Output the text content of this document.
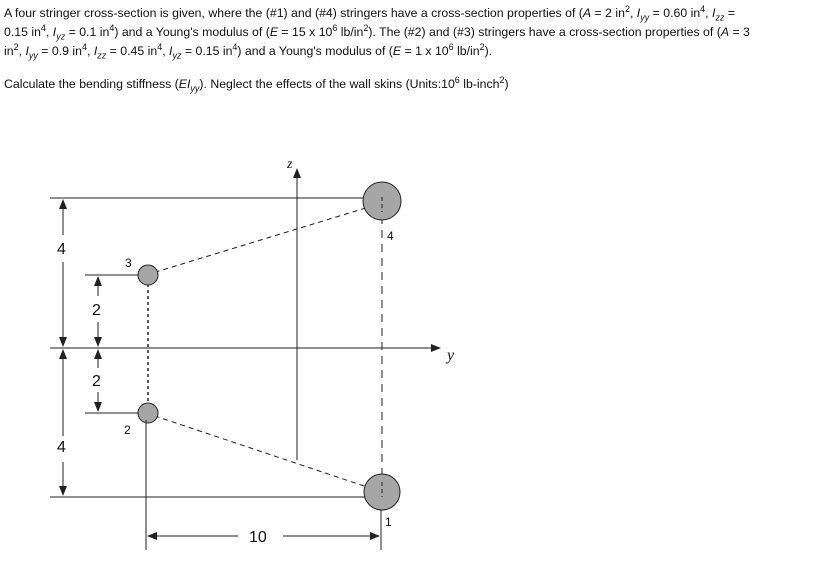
A four stringer cross-section is given, where the (#1) and (#4) stringers have a cross-section properties of (A = 2 $in^2$, $I_{yy} = 0.60$ $in^4$, $I_{zz}$ =

0.15 $in^4$, $I_{yz} = 0.1$ $in^4$) and a Young's modulus of (E = 15 x $10^6$ $lb/in^2$). The (#2) and (#3) stringers have a cross-section properties of (A = 3

$in^2$, $I_{yy} = 0.9$ $in^4$, $I_{zz} = 0.45$ $in^4$, $I_{yz} = 0.15$ $in^4$) and a Young's modulus of (E = 1 x $10^6$ $lb/in^2$).

Calculate the bending stiffness $(EI_{yy})$. Neglect the effects of the wall skins ($Units:10^6$ lb-inch$^2$)

4
3
2
1
z
y
4
4
2
2
10
